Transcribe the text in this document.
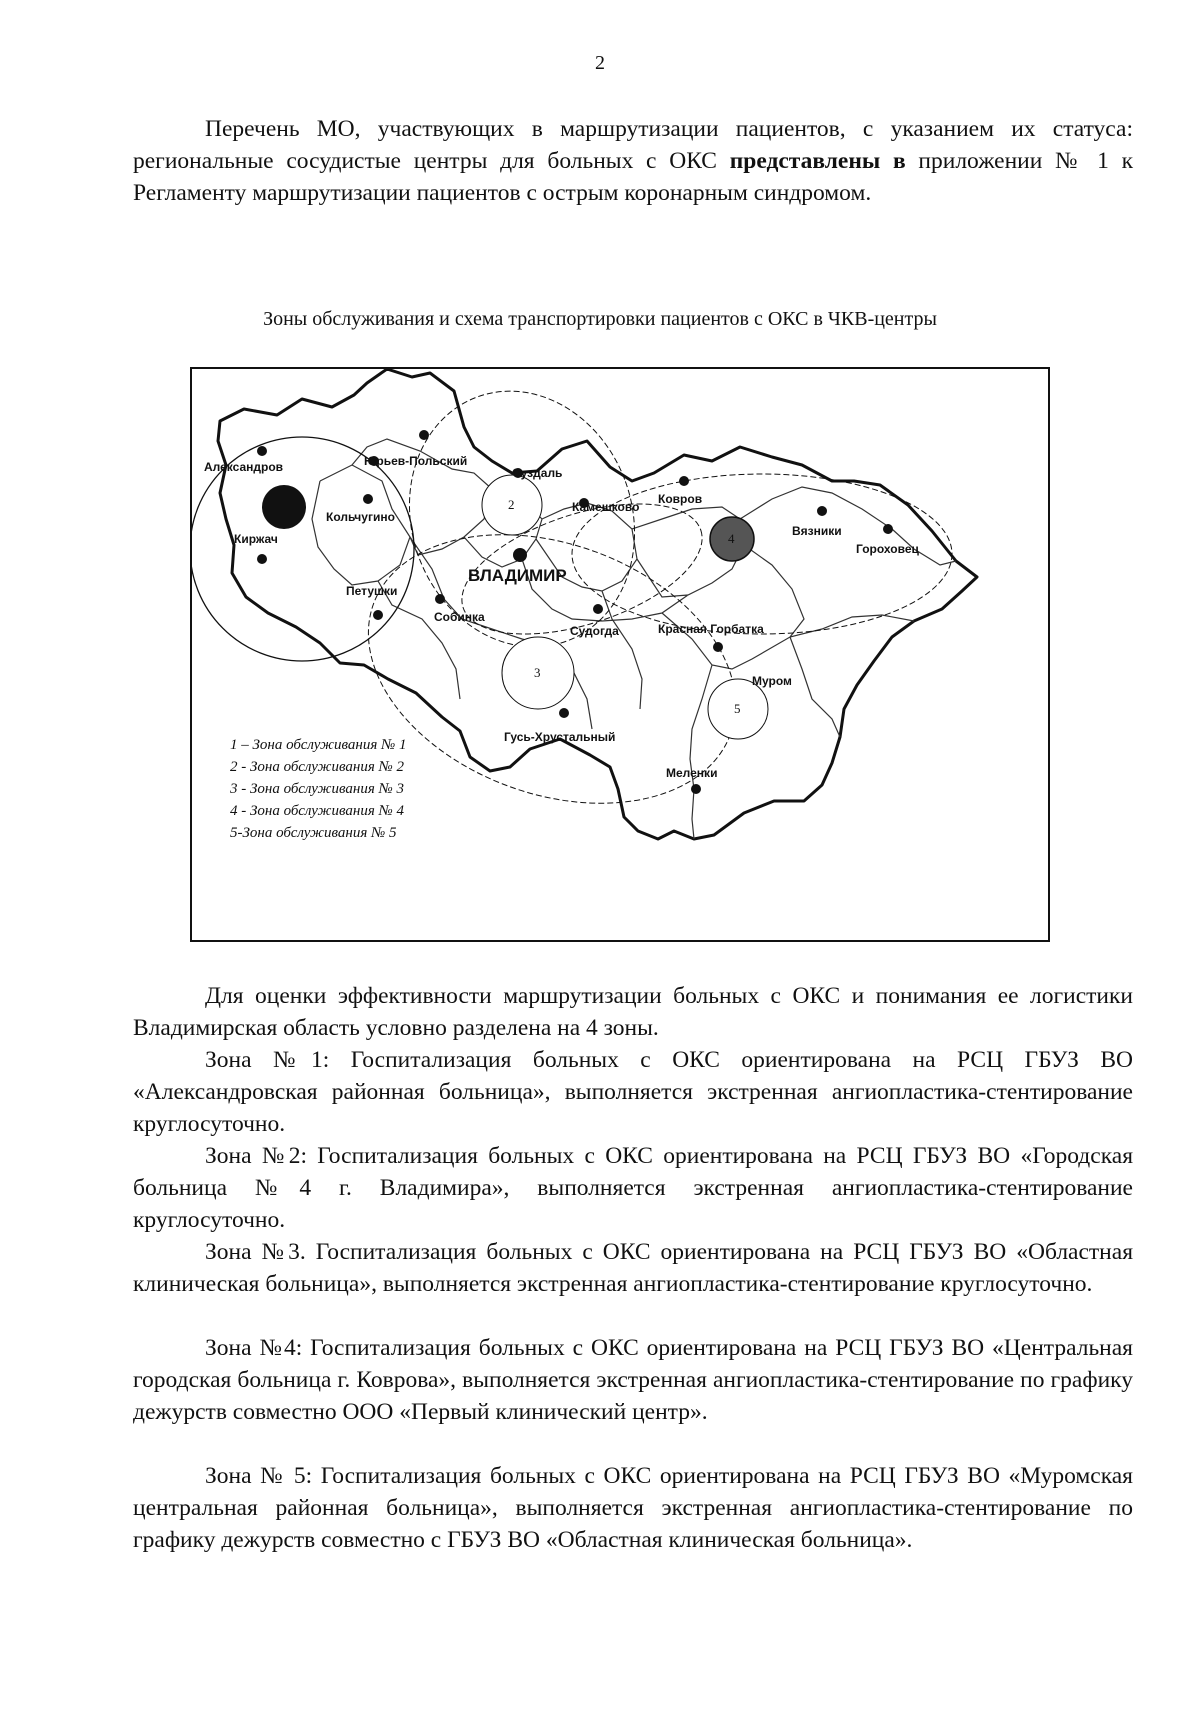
2

Перечень МО, участвующих в маршрутизации пациентов, с указанием их статуса: региональные сосудистые центры для больных с ОКС представлены в приложении № 1 к Регламенту маршрутизации пациентов с острым коронарным синдромом.

Зоны обслуживания и схема транспортировки пациентов с ОКС в ЧКВ-центры
2
3
5
4
Александров
Киржач
Кольчугино
Юрьев-Польский
Суздаль
Камешково
Ковров
Вязники
Гороховец
Петушки
Собинка
ВЛАДИМИР
Судогда	Красная Горбатка
Муром
Гусь-Хрустальный
Меленки
1 – Зона обслуживания № 1
2 - Зона обслуживания № 2
3 - Зона обслуживания № 3
4 - Зона обслуживания № 4
5-Зона обслуживания № 5

Для оценки эффективности маршрутизации больных с ОКС и понимания ее логистики Владимирская область условно разделена на 4 зоны.

Зона №1: Госпитализация больных с ОКС ориентирована на РСЦ ГБУЗ ВО «Александровская районная больница», выполняется экстренная ангиопластика-стентирование круглосуточно.

Зона №2: Госпитализация больных с ОКС ориентирована на РСЦ ГБУЗ ВО «Городская больница №4 г. Владимира», выполняется экстренная ангиопластика-стентирование круглосуточно.

Зона №3. Госпитализация больных с ОКС ориентирована на РСЦ ГБУЗ ВО «Областная клиническая больница», выполняется экстренная ангиопластика-стентирование круглосуточно.

Зона №4: Госпитализация больных с ОКС ориентирована на РСЦ ГБУЗ ВО «Центральная городская больница г. Коврова», выполняется экстренная ангиопластика-стентирование по графику дежурств совместно ООО «Первый клинический центр».

Зона № 5: Госпитализация больных с ОКС ориентирована на РСЦ ГБУЗ ВО «Муромская центральная районная больница», выполняется экстренная ангиопластика-стентирование по графику дежурств совместно с ГБУЗ ВО «Областная клиническая больница».
